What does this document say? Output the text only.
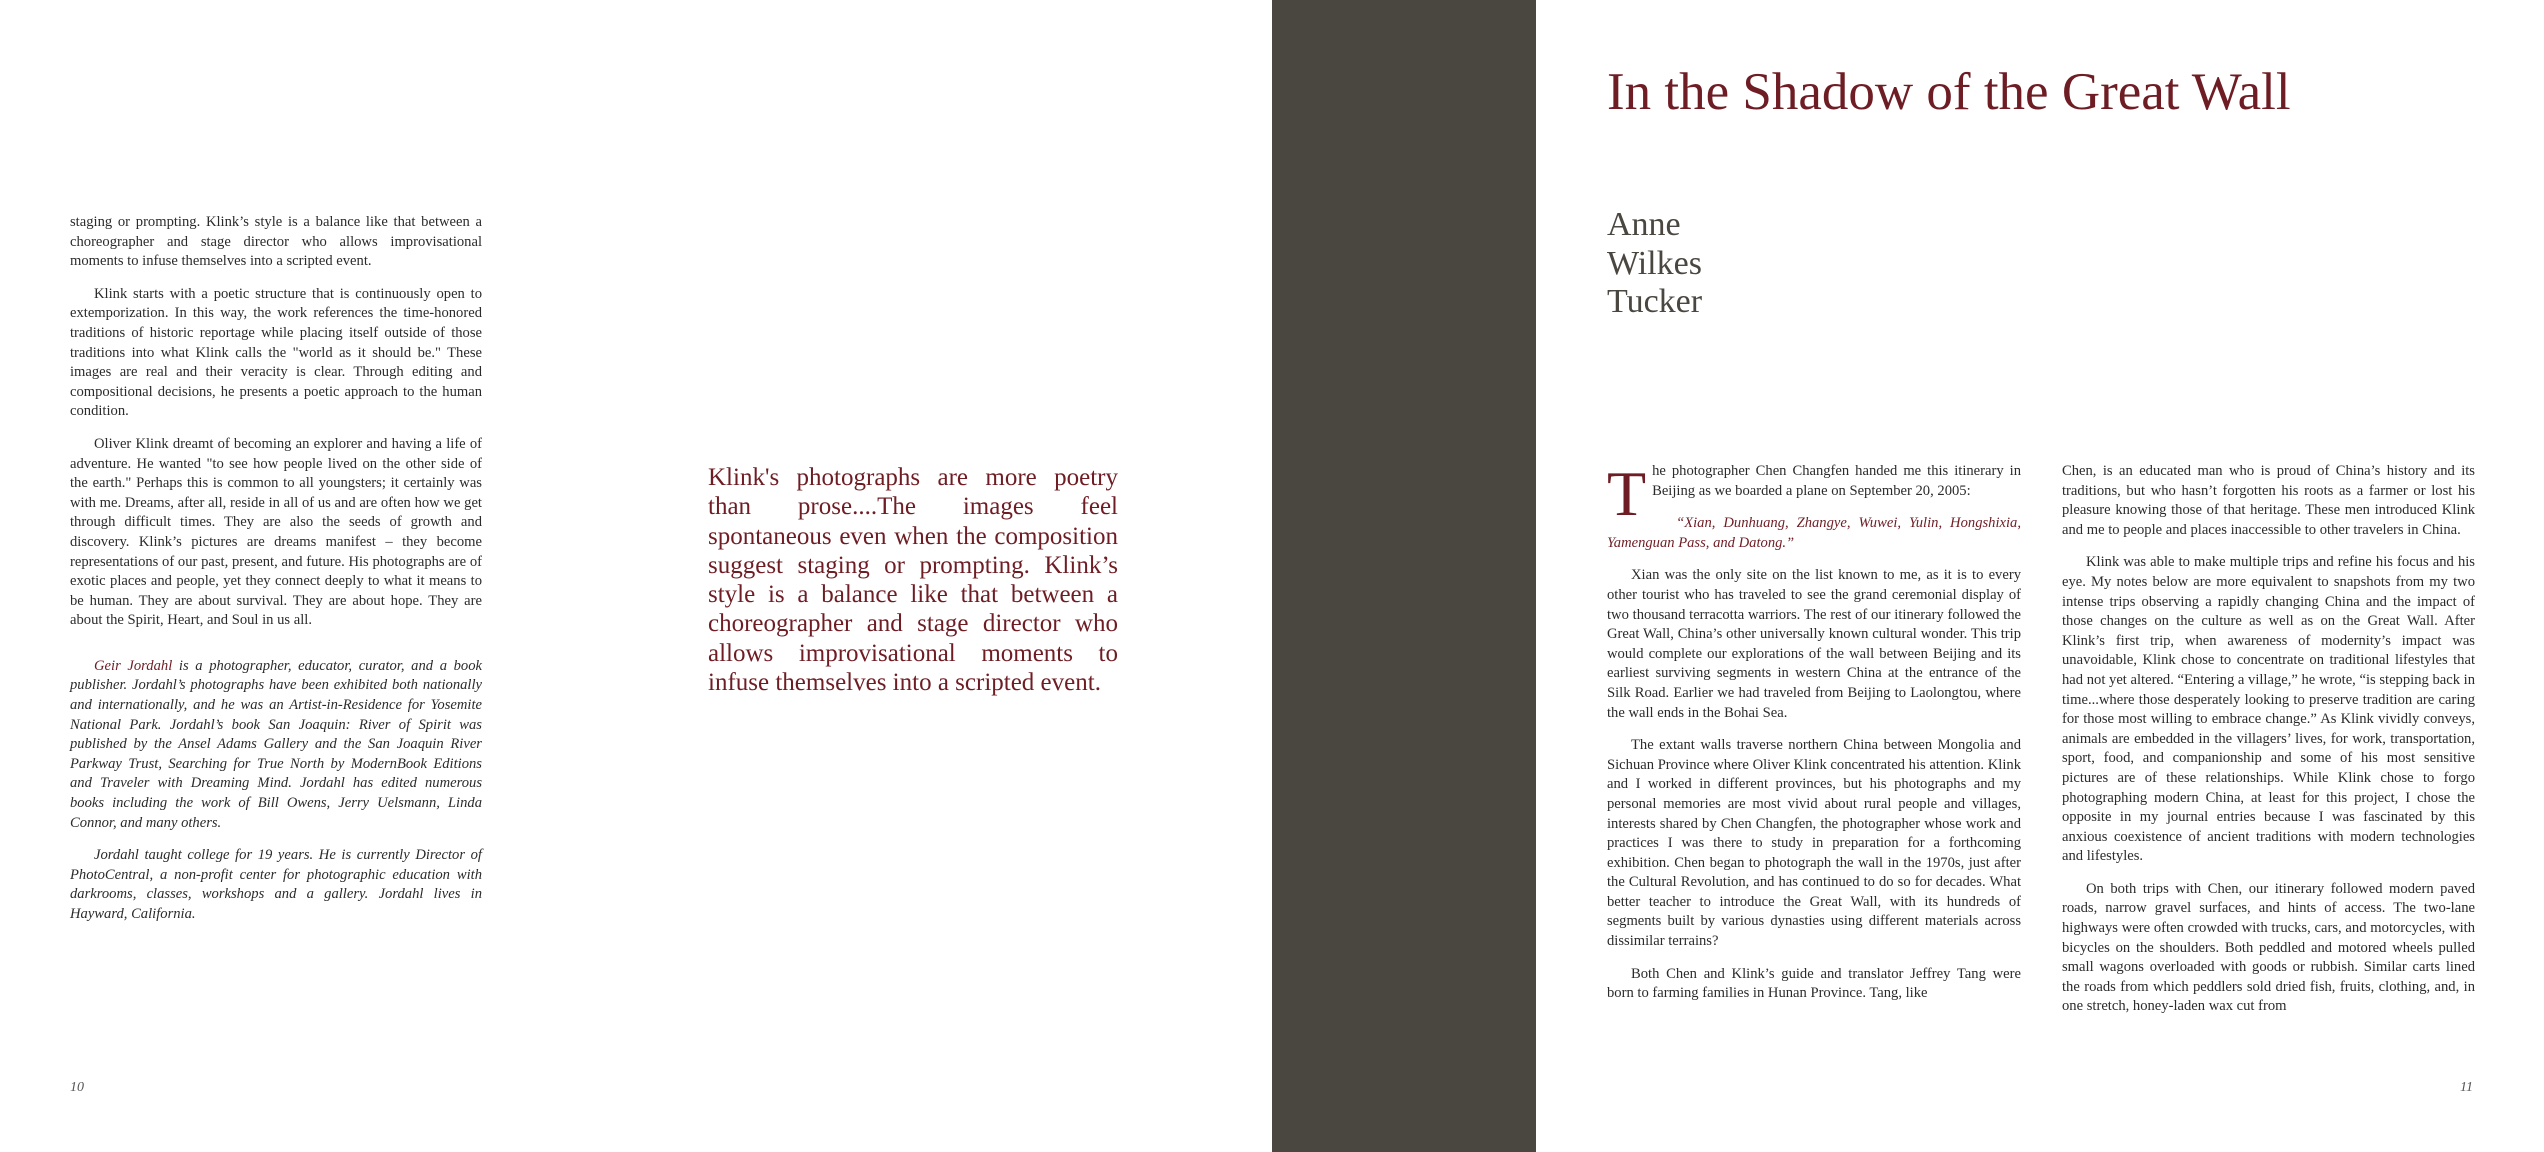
staging or prompting. Klink’s style is a balance like that between a choreographer and stage director who allows improvisational moments to infuse themselves into a scripted event.

Klink starts with a poetic structure that is continuously open to extemporization. In this way, the work references the time-honored traditions of historic reportage while placing itself outside of those traditions into what Klink calls the "world as it should be." These images are real and their veracity is clear. Through editing and compositional decisions, he presents a poetic approach to the human condition.

Oliver Klink dreamt of becoming an explorer and having a life of adventure. He wanted "to see how people lived on the other side of the earth." Perhaps this is common to all youngsters; it certainly was with me. Dreams, after all, reside in all of us and are often how we get through difficult times. They are also the seeds of growth and discovery. Klink’s pictures are dreams manifest – they become representations of our past, present, and future. His photographs are of exotic places and people, yet they connect deeply to what it means to be human. They are about survival. They are about hope. They are about the Spirit, Heart, and Soul in us all.

Geir Jordahl is a photographer, educator, curator, and a book publisher. Jordahl’s photographs have been exhibited both nationally and internationally, and he was an Artist-in-Residence for Yosemite National Park. Jordahl’s book San Joaquin: River of Spirit was published by the Ansel Adams Gallery and the San Joaquin River Parkway Trust, Searching for True North by ModernBook Editions and Traveler with Dreaming Mind. Jordahl has edited numerous books including the work of Bill Owens, Jerry Uelsmann, Linda Connor, and many others.

Jordahl taught college for 19 years. He is currently Director of PhotoCentral, a non-profit center for photographic education with darkrooms, classes, workshops and a gallery. Jordahl lives in Hayward, California.

Klink's photographs are more poetry than prose....The images feel spontaneous even when the composition suggest staging or prompting. Klink’s style is a balance like that between a choreographer and stage director who allows improvisational moments to infuse themselves into a scripted event.

10
In the Shadow of the Great Wall
Anne
Wilkes
Tucker

The photographer Chen Changfen handed me this itinerary in Beijing as we boarded a plane on September 20, 2005:

“Xian, Dunhuang, Zhangye, Wuwei, Yulin, Hongshixia, Yamenguan Pass, and Datong.”

Xian was the only site on the list known to me, as it is to every other tourist who has traveled to see the grand ceremonial display of two thousand terracotta warriors. The rest of our itinerary followed the Great Wall, China’s other universally known cultural wonder. This trip would complete our explorations of the wall between Beijing and its earliest surviving segments in western China at the entrance of the Silk Road. Earlier we had traveled from Beijing to Laolongtou, where the wall ends in the Bohai Sea.

The extant walls traverse northern China between Mongolia and Sichuan Province where Oliver Klink concentrated his attention. Klink and I worked in different provinces, but his photographs and my personal memories are most vivid about rural people and villages, interests shared by Chen Changfen, the photographer whose work and practices I was there to study in preparation for a forthcoming exhibition. Chen began to photograph the wall in the 1970s, just after the Cultural Revolution, and has continued to do so for decades. What better teacher to introduce the Great Wall, with its hundreds of segments built by various dynasties using different materials across dissimilar terrains?

Both Chen and Klink’s guide and translator Jeffrey Tang were born to farming families in Hunan Province. Tang, like

Chen, is an educated man who is proud of China’s history and its traditions, but who hasn’t forgotten his roots as a farmer or lost his pleasure knowing those of that heritage. These men introduced Klink and me to people and places inaccessible to other travelers in China.

Klink was able to make multiple trips and refine his focus and his eye. My notes below are more equivalent to snapshots from my two intense trips observing a rapidly changing China and the impact of those changes on the culture as well as on the Great Wall. After Klink’s first trip, when awareness of modernity’s impact was unavoidable, Klink chose to concentrate on traditional lifestyles that had not yet altered. “Entering a village,” he wrote, “is stepping back in time...where those desperately looking to preserve tradition are caring for those most willing to embrace change.” As Klink vividly conveys, animals are embedded in the villagers’ lives, for work, transportation, sport, food, and companionship and some of his most sensitive pictures are of these relationships. While Klink chose to forgo photographing modern China, at least for this project, I chose the opposite in my journal entries because I was fascinated by this anxious coexistence of ancient traditions with modern technologies and lifestyles.

On both trips with Chen, our itinerary followed modern paved roads, narrow gravel surfaces, and hints of access. The two-lane highways were often crowded with trucks, cars, and motorcycles, with bicycles on the shoulders. Both peddled and motored wheels pulled small wagons overloaded with goods or rubbish. Similar carts lined the roads from which peddlers sold dried fish, fruits, clothing, and, in one stretch, honey-laden wax cut from

11
